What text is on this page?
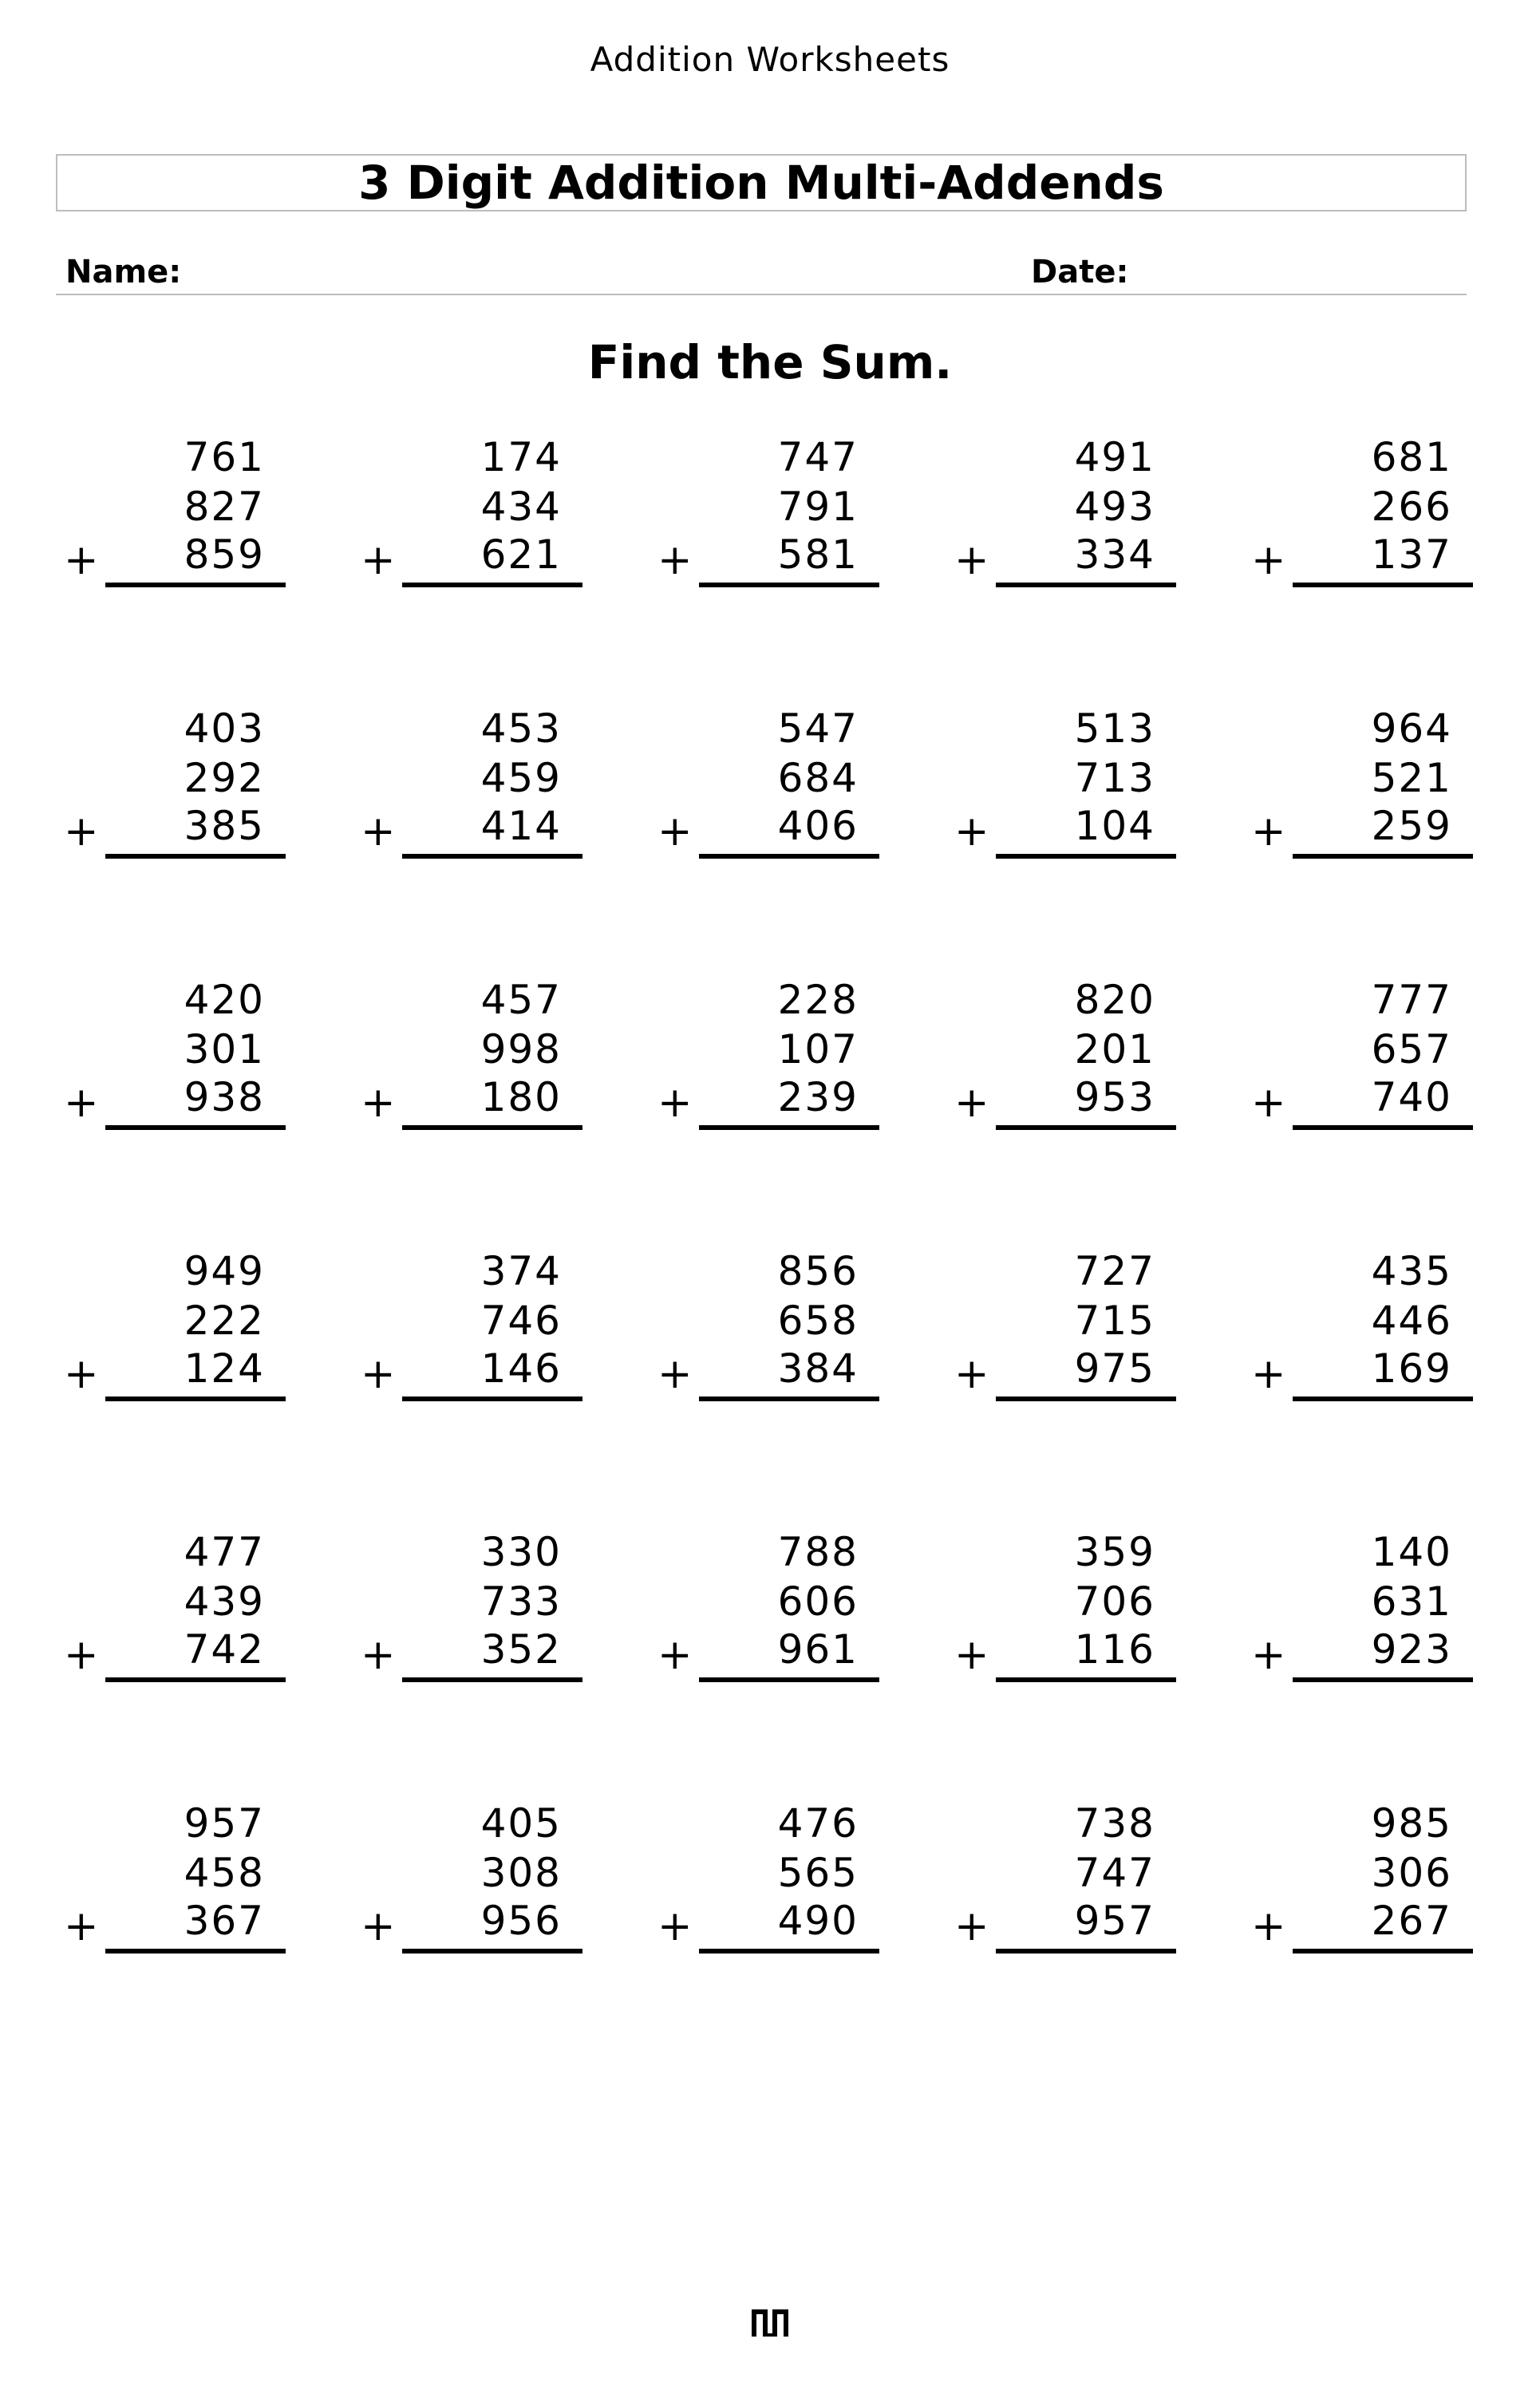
Addition Worksheets
3 Digit Addition Multi-Addends
Name:	Date:
Find the Sum.
761
827
859
+
174
434
621
+
747
791
581
+
491
493
334
+
681
266
137
+
403
292
385
+
453
459
414
+
547
684
406
+
513
713
104
+
964
521
259
+
420
301
938
+
457
998
180
+
228
107
239
+
820
201
953
+
777
657
740
+
949
222
124
+
374
746
146
+
856
658
384
+
727
715
975
+
435
446
169
+
477
439
742
+
330
733
352
+
788
606
961
+
359
706
116
+
140
631
923
+
957
458
367
+
405
308
956
+
476
565
490
+
738
747
957
+
985
306
267
+
